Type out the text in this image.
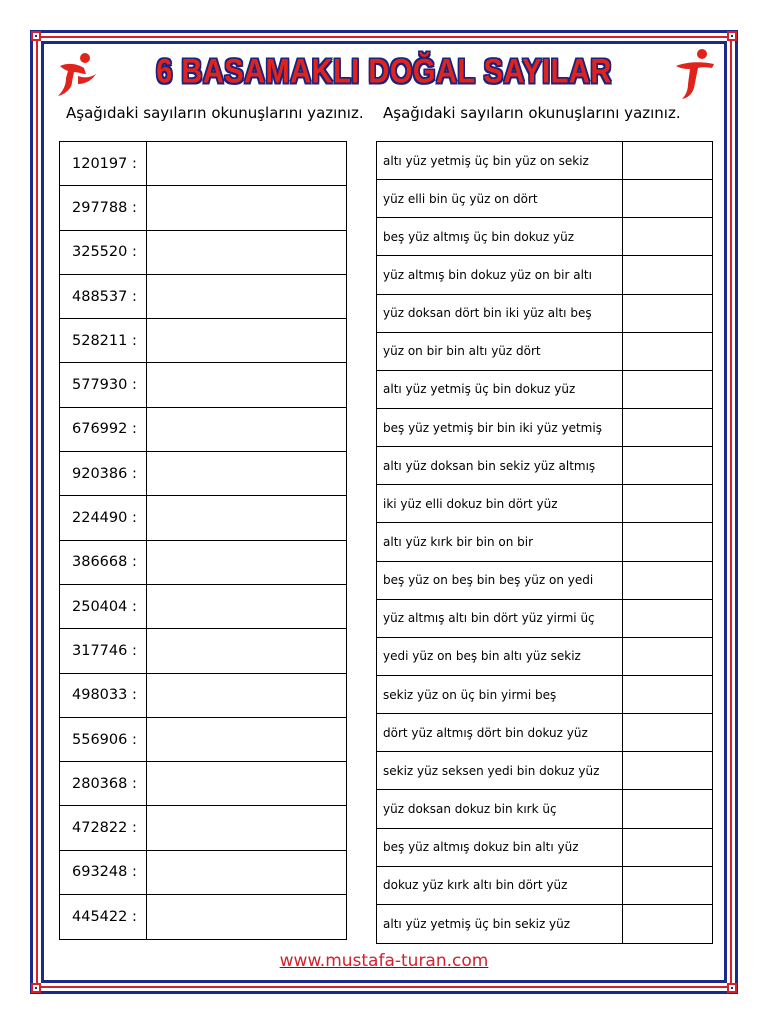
6 BASAMAKLI DOĞAL SAYILAR
Aşağıdaki sayıların okunuşlarını yazınız. Aşağıdaki sayıların okunuşlarını yazınız.
120197 :
297788 :
325520 :
488537 :
528211 :
577930 :
676992 :
920386 :
224490 :
386668 :
250404 :
317746 :
498033 :
556906 :
280368 :
472822 :
693248 :
445422 :
altı yüz yetmiş üç bin yüz on sekiz
yüz elli bin üç yüz on dört
beş yüz altmış üç bin dokuz yüz
yüz altmış bin dokuz yüz on bir altı
yüz doksan dört bin iki yüz altı beş
yüz on bir bin altı yüz dört
altı yüz yetmiş üç bin dokuz yüz
beş yüz yetmiş bir bin iki yüz yetmiş
altı yüz doksan bin sekiz yüz altmış
iki yüz elli dokuz bin dört yüz
altı yüz kırk bir bin on bir
beş yüz on beş bin beş yüz on yedi
yüz altmış altı bin dört yüz yirmi üç
yedi yüz on beş bin altı yüz sekiz
sekiz yüz on üç bin yirmi beş
dört yüz altmış dört bin dokuz yüz
sekiz yüz seksen yedi bin dokuz yüz
yüz doksan dokuz bin kırk üç
beş yüz altmış dokuz bin altı yüz
dokuz yüz kırk altı bin dört yüz
altı yüz yetmiş üç bin sekiz yüz
www.mustafa-turan.com
